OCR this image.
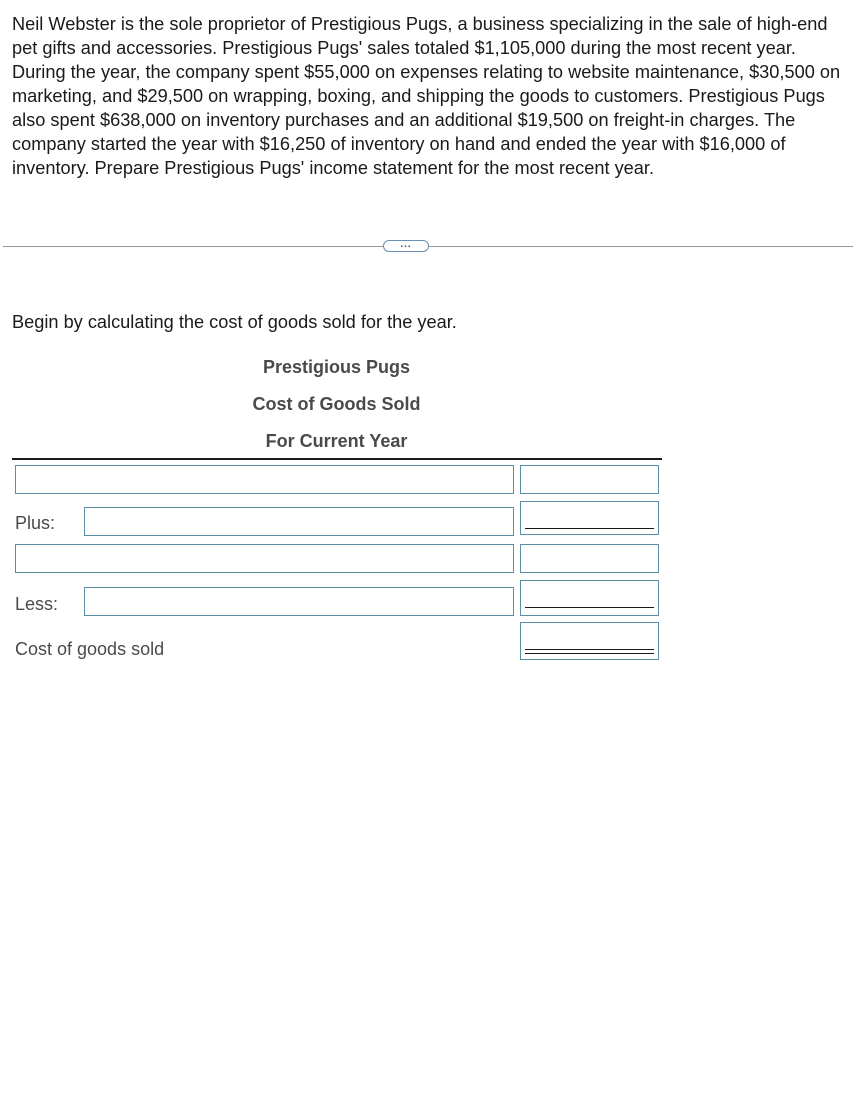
Neil Webster is the sole proprietor of Prestigious Pugs, a business specializing in the sale of high-end pet gifts and accessories. Prestigious Pugs' sales totaled $1,105,000 during the most recent year. During the year, the company spent $55,000 on expenses relating to website maintenance, $30,500 on marketing, and $29,500 on wrapping, boxing, and shipping the goods to customers. Prestigious Pugs also spent $638,000 on inventory purchases and an additional $19,500 on freight-in charges. The company started the year with $16,250 of inventory on hand and ended the year with $16,000 of inventory. Prepare Prestigious Pugs' income statement for the most recent year.

...

Begin by calculating the cost of goods sold for the year.

Prestigious Pugs
Cost of Goods Sold
For Current Year
Plus:
Less:
Cost of goods sold
